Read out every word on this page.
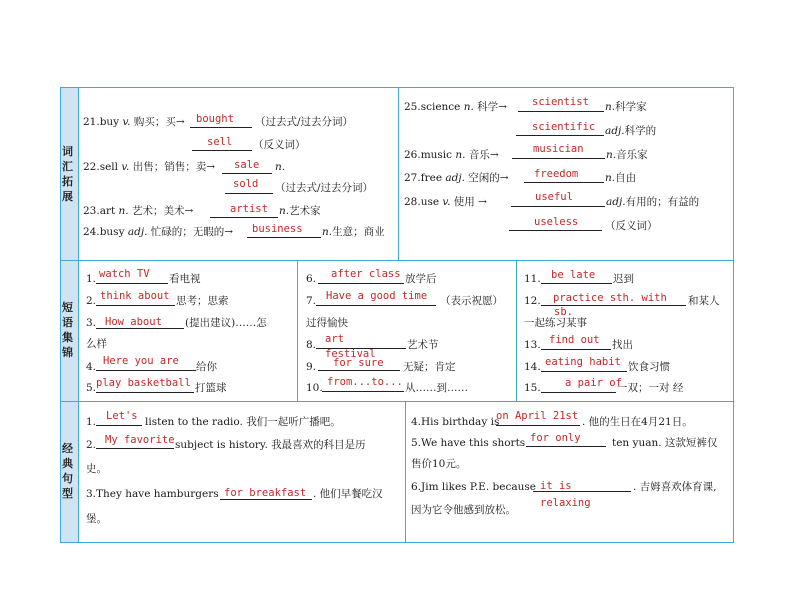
词汇拓展
短语集锦
经典句型
21.buy v. 购买；买→ bought （过去式/过去分词）
sell （反义词）
22.sell v. 出售；销售；卖→ sale n.
sold （过去式/过去分词）
23.art n. 艺术；美术→	artist n.艺术家
24.busy adj. 忙碌的；无暇的→ business n.生意；商业
25.science n. 科学→ scientist n.科学家
scientific adj.科学的
26.music n. 音乐→	musician n.音乐家
27.free adj. 空闲的→ freedom	n.自由
28.use v. 使用 →	useful	adj.有用的；有益的
useless	（反义词）
1. watch TV 看电视
2. think about 思考；思索
3. How about (提出建议)……怎
么样
4. Here you are 给你
5. play basketball 打篮球
6. after class 放学后
7. Have a good time （表示祝愿）
过得愉快
8. art
festival
艺术节
9. for sure 无疑；肯定
10. from...to... 从……到……
11. be late 迟到
12. practice sth. with
sb.
和某人
一起练习某事
13. find out 找出
14. eating habit 饮食习惯
15. a pair of
一双；一对 经
1. Let's listen to the radio. 我们一起听广播吧。
2. My favorite subject is history. 我最喜欢的科目是历
史。
3.They have hamburgers for breakfast . 他们早餐吃汉
堡。
4.His birthday is
on April 21st . 他的生日在4月21日。
5.We have this shorts for only	ten yuan. 这款短裤仅
售价10元。
6.Jim likes P.E. because it is
relaxing
. 吉姆喜欢体育课,
因为它令他感到放松。
